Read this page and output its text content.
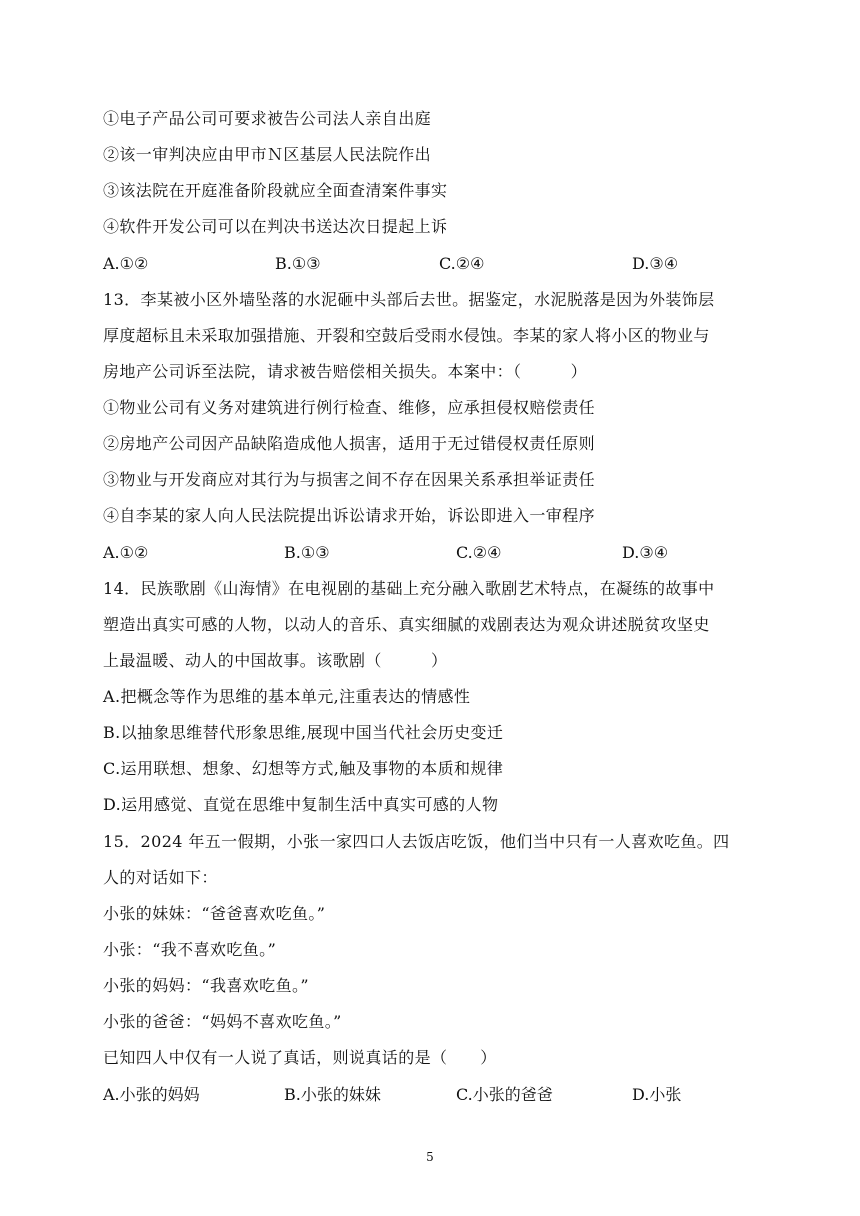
①电子产品公司可要求被告公司法人亲自出庭
②该一审判决应由甲市Ｎ区基层人民法院作出
③该法院在开庭准备阶段就应全面查清案件事实
④软件开发公司可以在判决书送达次日提起上诉
A.①②	B.①③	C.②④	D.③④
13．李某被小区外墙坠落的水泥砸中头部后去世。据鉴定，水泥脱落是因为外装饰层
厚度超标且未采取加强措施、开裂和空鼓后受雨水侵蚀。李某的家人将小区的物业与
房地产公司诉至法院，请求被告赔偿相关损失。本案中：（　　　）
①物业公司有义务对建筑进行例行检查、维修，应承担侵权赔偿责任
②房地产公司因产品缺陷造成他人损害，适用于无过错侵权责任原则
③物业与开发商应对其行为与损害之间不存在因果关系承担举证责任
④自李某的家人向人民法院提出诉讼请求开始，诉讼即进入一审程序
A.①②	B.①③	C.②④	D.③④
14．民族歌剧《山海情》在电视剧的基础上充分融入歌剧艺术特点，在凝练的故事中
塑造出真实可感的人物，以动人的音乐、真实细腻的戏剧表达为观众讲述脱贫攻坚史
上最温暖、动人的中国故事。该歌剧（　　　）
A.把概念等作为思维的基本单元,注重表达的情感性
B.以抽象思维替代形象思维,展现中国当代社会历史变迁
C.运用联想、想象、幻想等方式,触及事物的本质和规律
D.运用感觉、直觉在思维中复制生活中真实可感的人物
15．2024 年五一假期，小张一家四口人去饭店吃饭，他们当中只有一人喜欢吃鱼。四
人的对话如下：
小张的妹妹：“爸爸喜欢吃鱼。”
小张：“我不喜欢吃鱼。”
小张的妈妈：“我喜欢吃鱼。”
小张的爸爸：“妈妈不喜欢吃鱼。”
已知四人中仅有一人说了真话，则说真话的是（　　）
A.小张的妈妈	B.小张的妹妹	C.小张的爸爸	D.小张
5
